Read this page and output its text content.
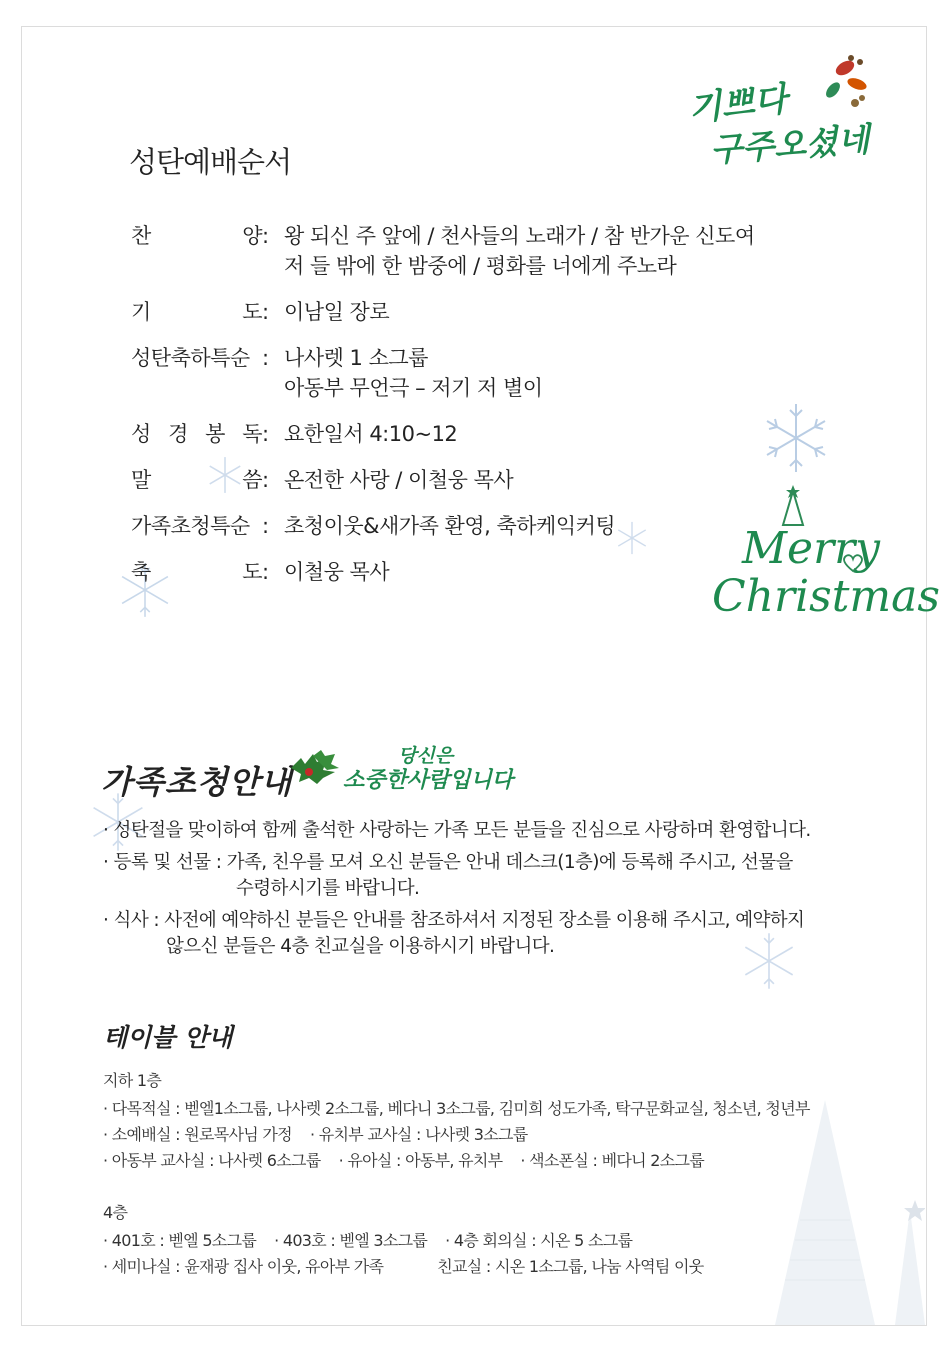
기쁘다
구주오셨네
Merry
Christmas
성탄예배순서
찬	양 : 왕 되신 주 앞에 / 천사들의 노래가 / 참 반가운 신도여
저 들 밖에 한 밤중에 / 평화를 너에게 주노라
기	도 : 이남일 장로
성탄축하특순 : 나사렛 1 소그룹
아동부 무언극 – 저기 저 별이
성 경 봉 독 : 요한일서 4:10~12
말	씀 : 온전한 사랑 / 이철웅 목사
가족초청특순 : 초청이웃&새가족 환영, 축하케익커팅
축	도 : 이철웅 목사
가족초청안내
당신은
소중한사람입니다
· 성탄절을 맞이하여 함께 출석한 사랑하는 가족 모든 분들을 진심으로 사랑하며 환영합니다.
· 등록 및 선물 : 가족, 친우를 모셔 오신 분들은 안내 데스크(1층)에 등록해 주시고, 선물을
수령하시기를 바랍니다.
· 식사 : 사전에 예약하신 분들은 안내를 참조하셔서 지정된 장소를 이용해 주시고, 예약하지
않으신 분들은 4층 친교실을 이용하시기 바랍니다.
테이블 안내
지하 1층
· 다목적실 : 벧엘1소그룹, 나사렛 2소그룹, 베다니 3소그룹, 김미희 성도가족, 탁구문화교실, 청소년, 청년부
· 소예배실 : 원로목사님 가정 · 유치부 교사실 : 나사렛 3소그룹
· 아동부 교사실 : 나사렛 6소그룹 · 유아실 : 아동부, 유치부 · 색소폰실 : 베다니 2소그룹
4층
· 401호 : 벧엘 5소그룹 · 403호 : 벧엘 3소그룹 · 4층 회의실 : 시온 5 소그룹
· 세미나실 : 윤재광 집사 이웃, 유아부 가족	친교실 : 시온 1소그룹, 나눔 사역팀 이웃
